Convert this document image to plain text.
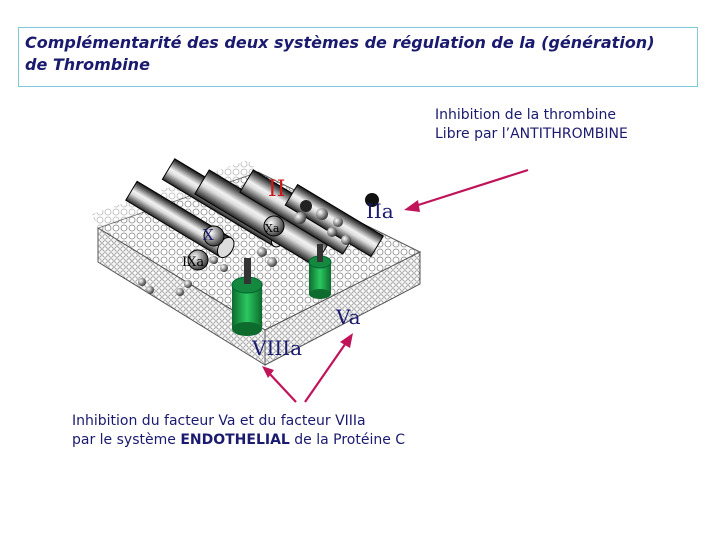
Complémentarité des deux systèmes de régulation de la (génération)
de Thrombine

Inhibition de la thrombine
Libre par l’ANTITHROMBINE
Inhibition du facteur Va et du facteur VIIIa
par le système ENDOTHELIAL de la Protéine C
II
IIa
X	Xa
IXa
Va
VIIIa
